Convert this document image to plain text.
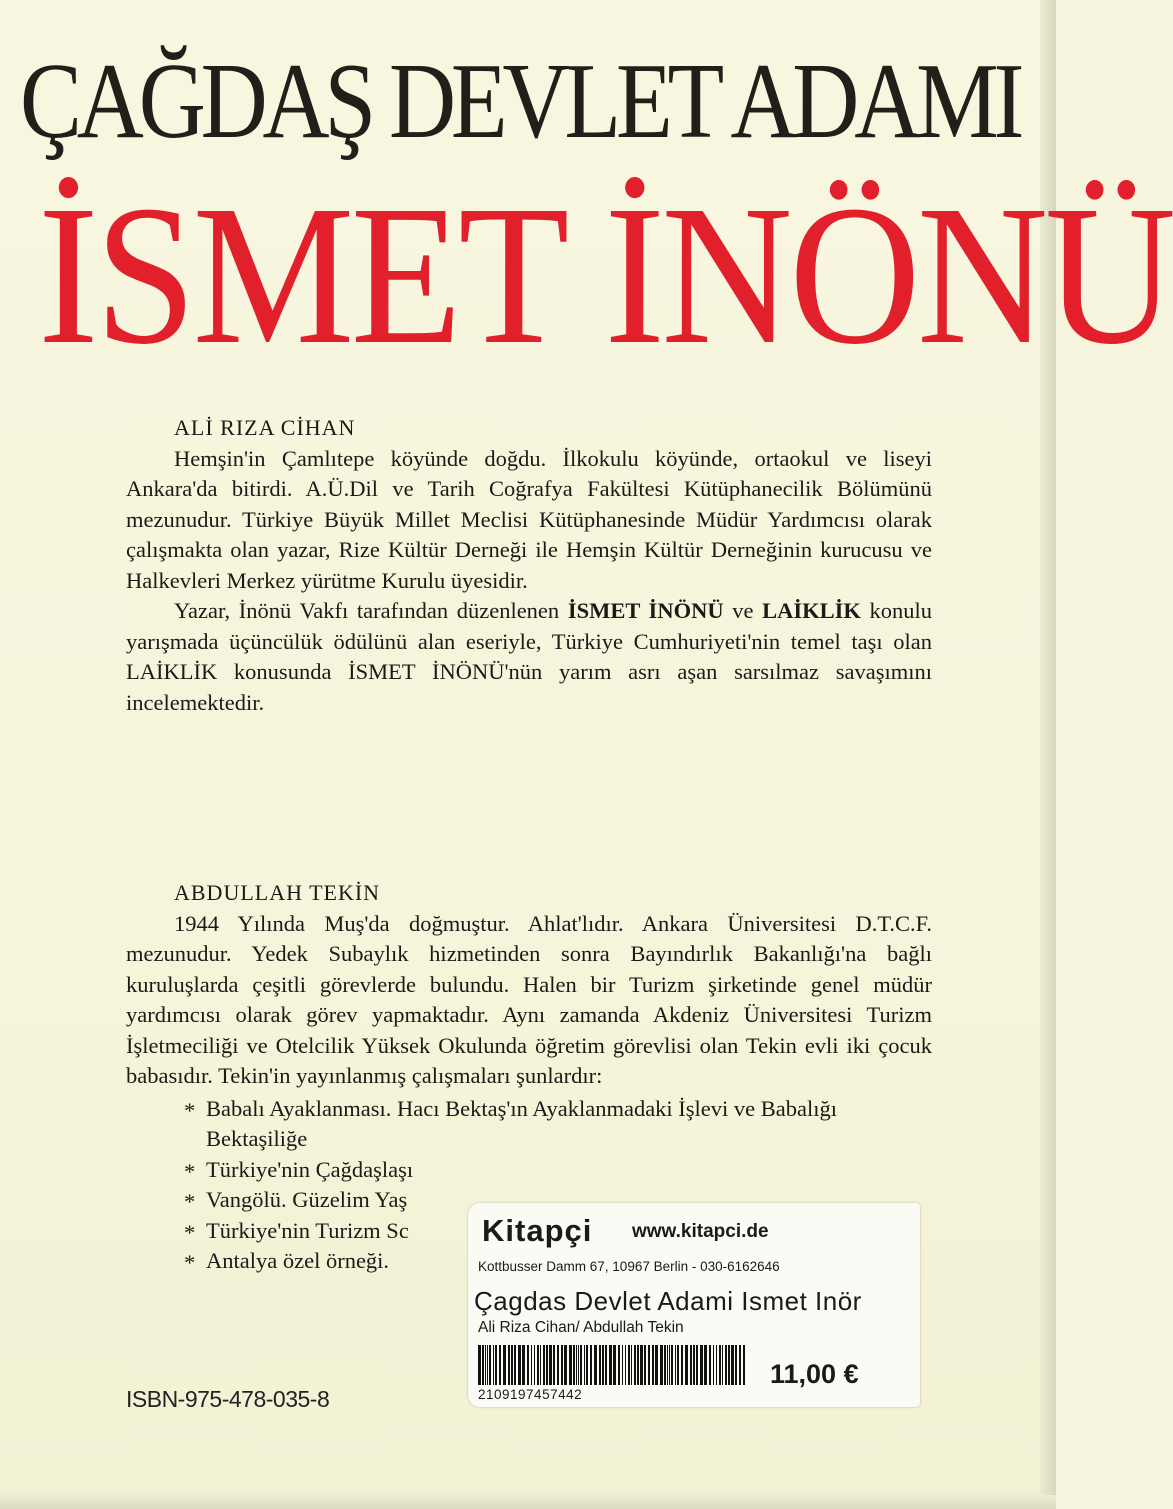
ÇAĞDAŞ DEVLET ADAMI
İSMET İNÖNÜ
ALİ RIZA CİHAN

Hemşin'in Çamlıtepe köyünde doğdu. İlkokulu köyünde, ortaokul ve liseyi Ankara'da bitirdi. A.Ü.Dil ve Tarih Coğrafya Fakültesi Kütüphanecilik Bölümünü mezunudur. Türkiye Büyük Millet Meclisi Kütüphanesinde Müdür Yardımcısı olarak çalışmakta olan yazar, Rize Kültür Derneği ile Hemşin Kültür Derneğinin kurucusu ve Halkevleri Merkez yürütme Kurulu üyesidir.

Yazar, İnönü Vakfı tarafından düzenlenen İSMET İNÖNÜ ve LAİKLİK konulu yarışmada üçüncülük ödülünü alan eseriyle, Türkiye Cumhuriyeti'nin temel taşı olan LAİKLİK konusunda İSMET İNÖNÜ'nün yarım asrı aşan sarsılmaz savaşımını incelemektedir.

ABDULLAH TEKİN

1944 Yılında Muş'da doğmuştur. Ahlat'lıdır. Ankara Üniversitesi D.T.C.F. mezunudur. Yedek Subaylık hizmetinden sonra Bayındırlık Bakanlığı'na bağlı kuruluşlarda çeşitli görevlerde bulundu. Halen bir Turizm şirketinde genel müdür yardımcısı olarak görev yapmaktadır. Aynı zamanda Akdeniz Üniversitesi Turizm İşletmeciliği ve Otelcilik Yüksek Okulunda öğretim görevlisi olan Tekin evli iki çocuk babasıdır. Tekin'in yayınlanmış çalışmaları şunlardır:

* Babalı Ayaklanması. Hacı Bektaş'ın Ayaklanmadaki İşlevi ve Babalığı Bektaşiliğe
* Türkiye'nin Çağdaşlaşı
* Vangölü. Güzelim Yaş
* Türkiye'nin Turizm Sc
* Antalya özel örneği.
ISBN-975-478-035-8
Kitapçi www.kitapci.de
Kottbusser Damm 67, 10967 Berlin - 030-6162646
Çagdas Devlet Adami Ismet Inör
Ali Riza Cihan/ Abdullah Tekin
2109197457442
11,00 €
